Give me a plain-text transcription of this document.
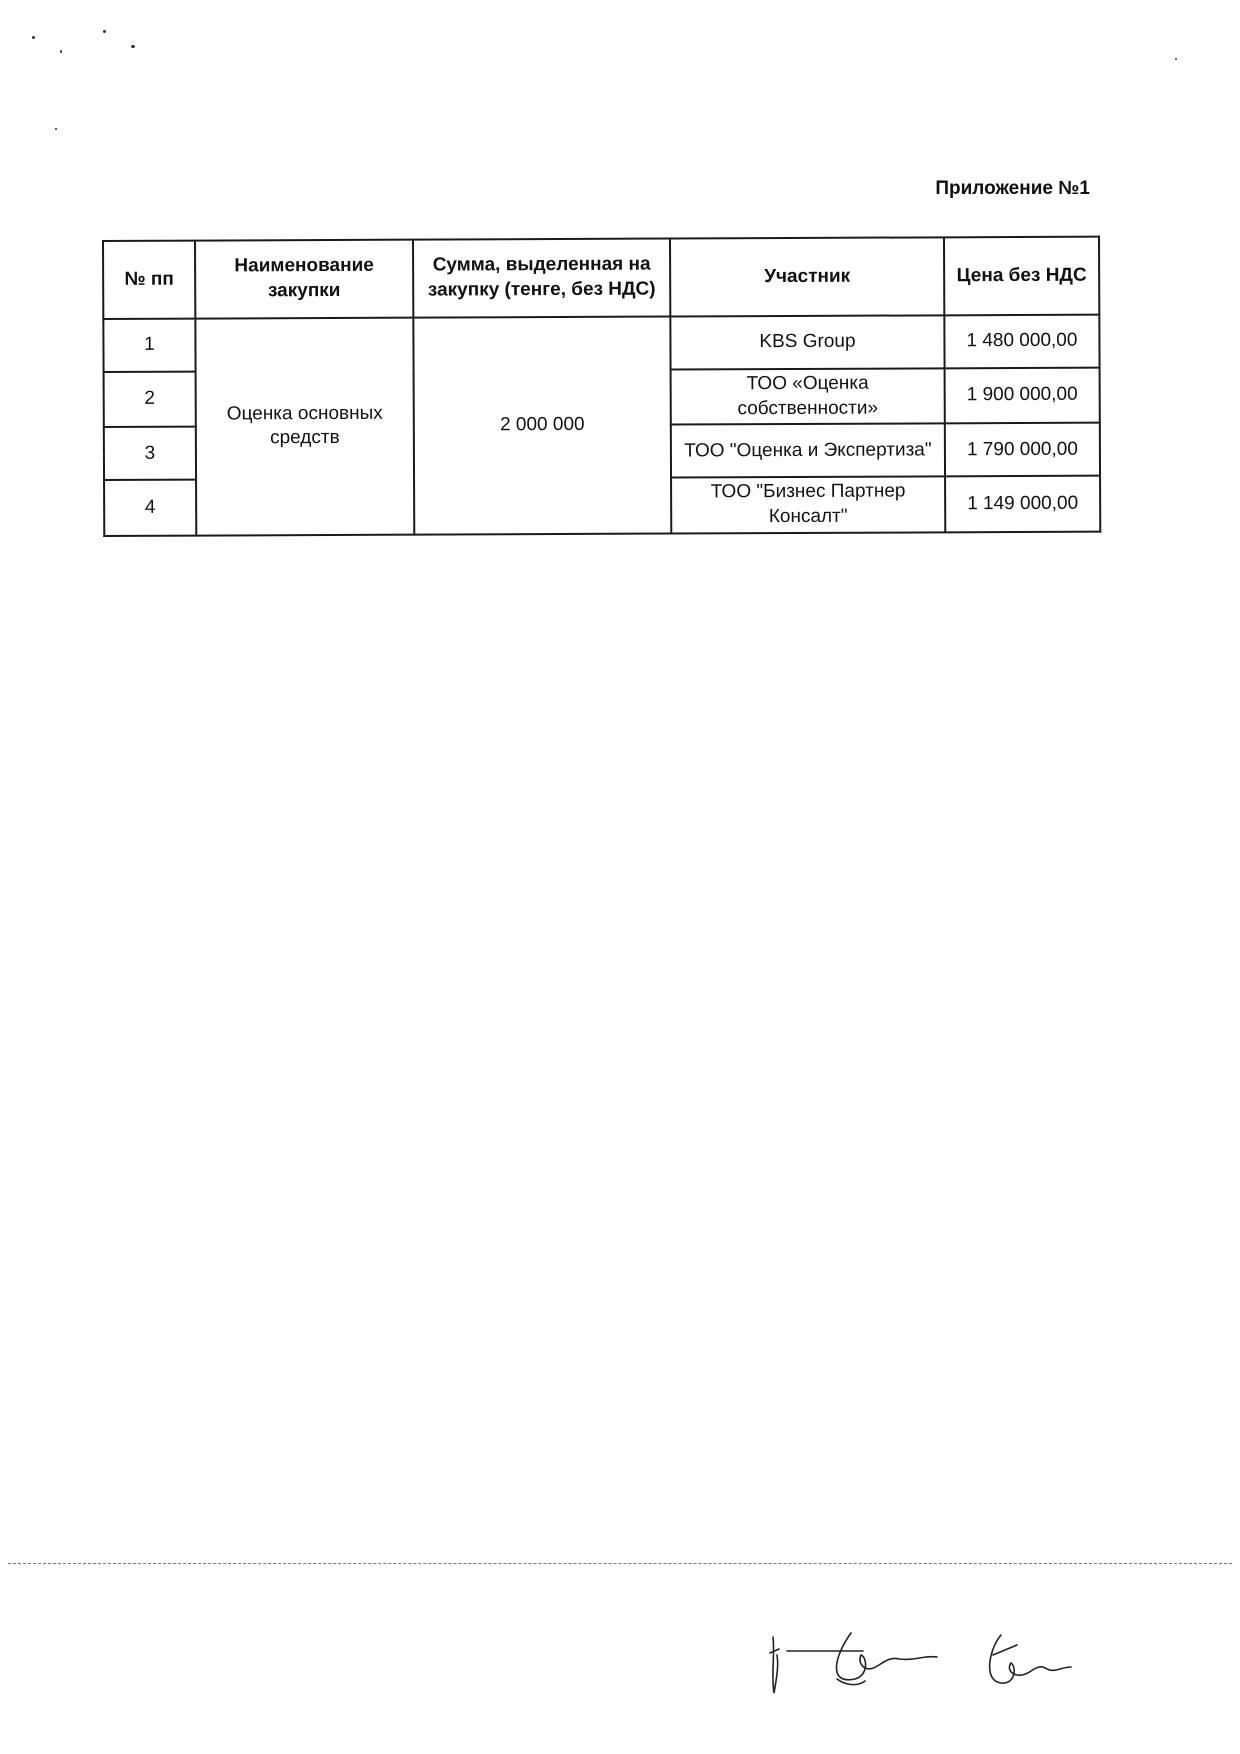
Приложение №1
№ пп	Наименование закупки	Сумма, выделенная на закупку (тенге, без НДС)	Участник	Цена без НДС
1	Оценка основных средств	2 000 000	KBS Group	1 480 000,00
2			ТОО «Оценка собственности»	1 900 000,00
3			ТОО "Оценка и Экспертиза"	1 790 000,00
4			ТОО "Бизнес Партнер Консалт"	1 149 000,00
